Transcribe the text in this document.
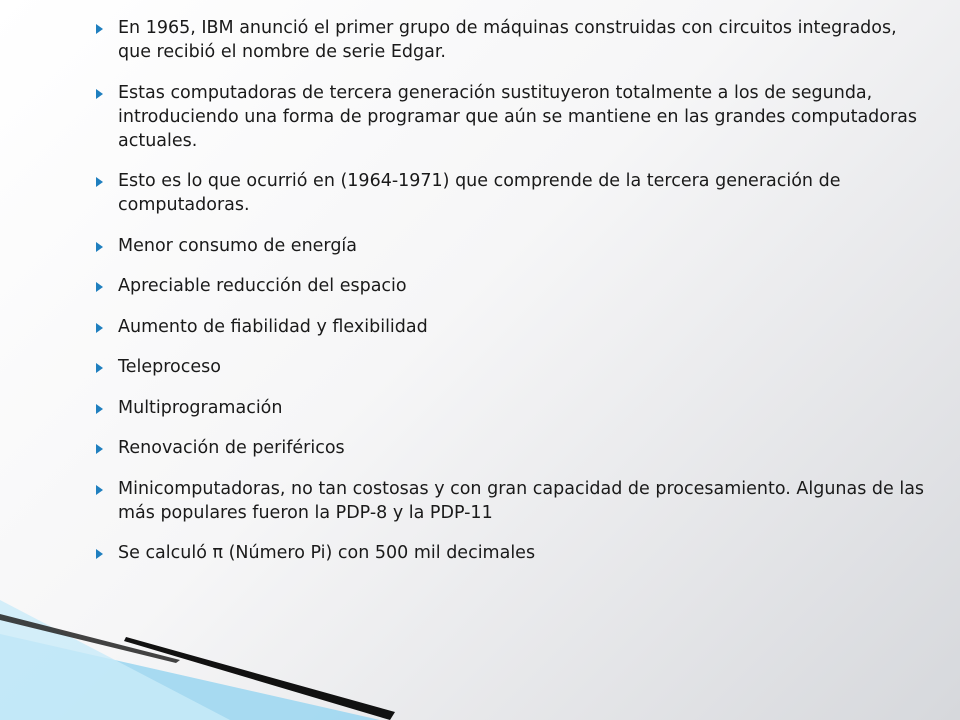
En 1965, IBM anunció el primer grupo de máquinas construidas con circuitos integrados, que recibió el nombre de serie Edgar.
Estas computadoras de tercera generación sustituyeron totalmente a los de segunda, introduciendo una forma de programar que aún se mantiene en las grandes computadoras actuales.
Esto es lo que ocurrió en (1964-1971) que comprende de la tercera generación de computadoras.
Menor consumo de energía
Apreciable reducción del espacio
Aumento de fiabilidad y flexibilidad
Teleproceso
Multiprogramación
Renovación de periféricos
Minicomputadoras, no tan costosas y con gran capacidad de procesamiento. Algunas de las más populares fueron la PDP-8 y la PDP-11
Se calculó π (Número Pi) con 500 mil decimales
